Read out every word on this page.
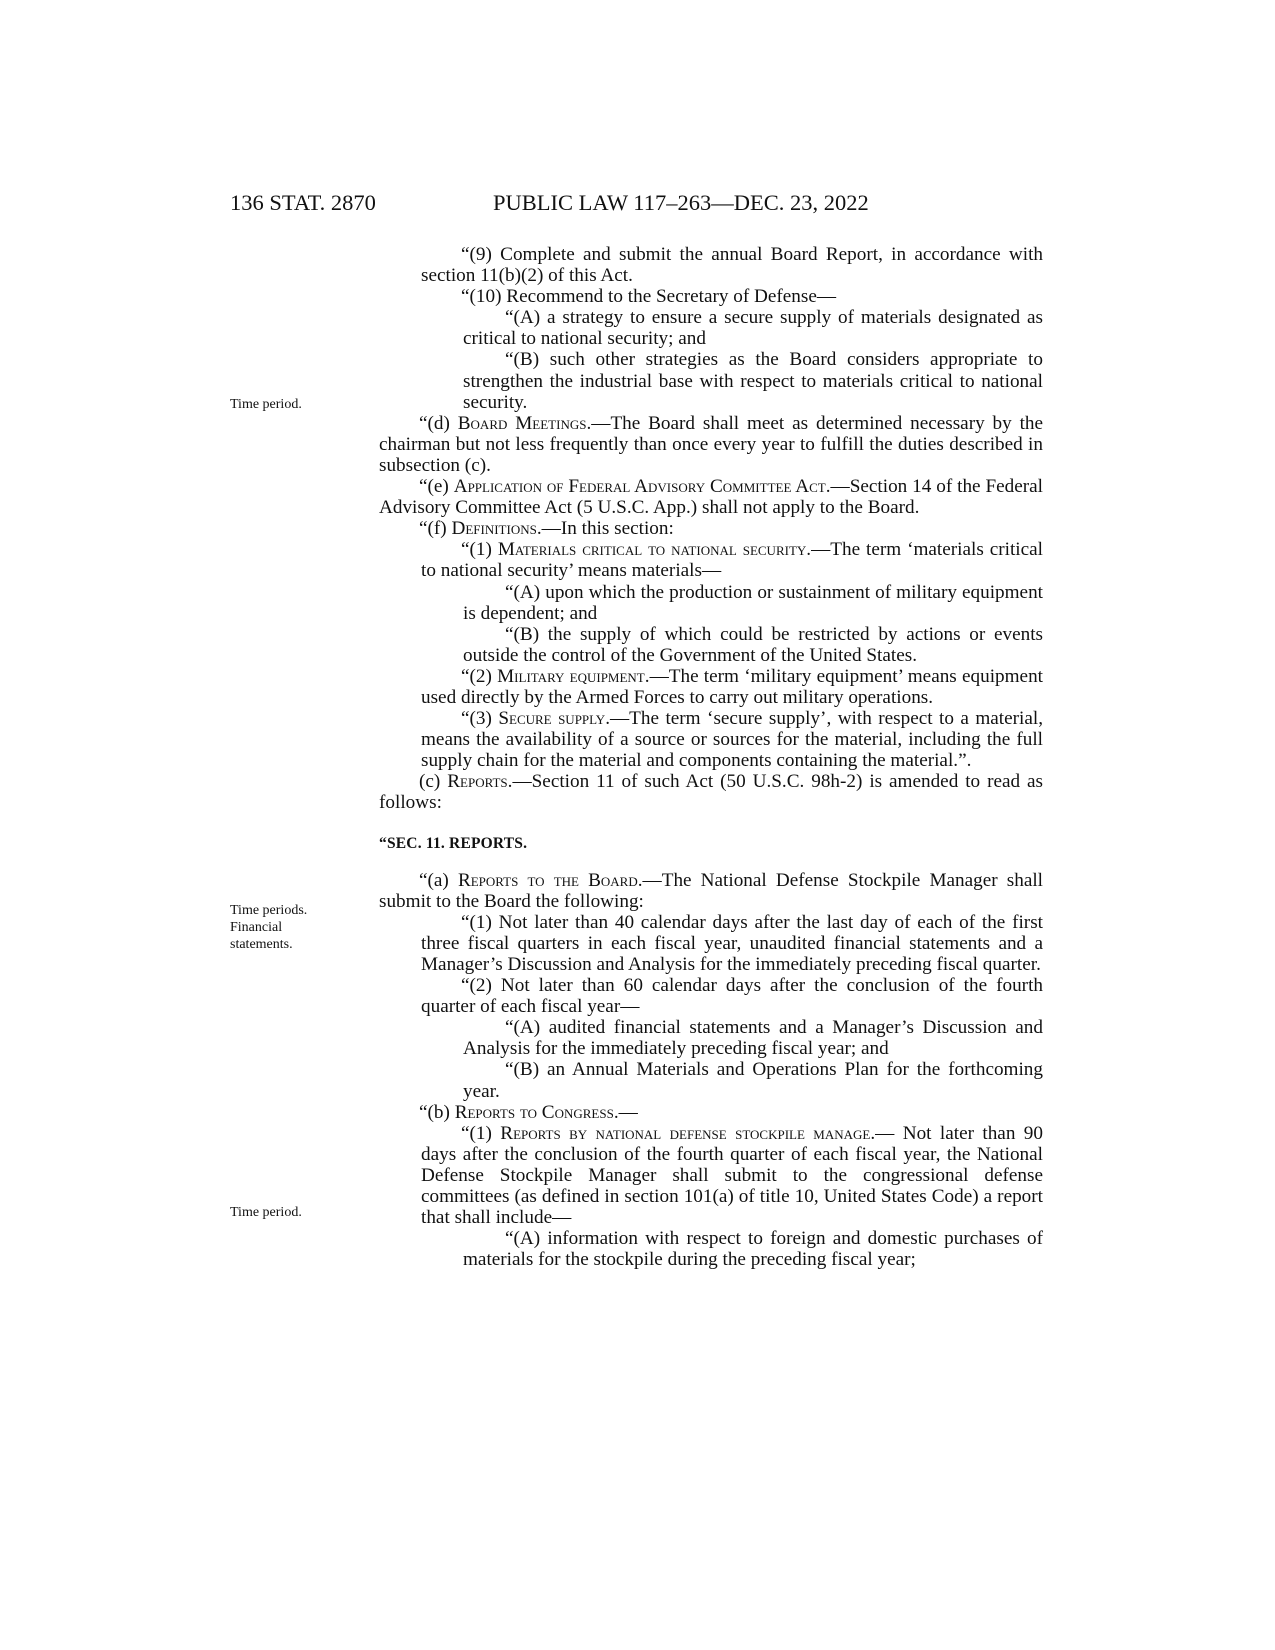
136 STAT. 2870	PUBLIC LAW 117–263—DEC. 23, 2022
Time period.
Time periods.
Financial
statements.
Time period.

“(9) Complete and submit the annual Board Report, in accordance with section 11(b)(2) of this Act.

“(10) Recommend to the Secretary of Defense—

“(A) a strategy to ensure a secure supply of materials designated as critical to national security; and

“(B) such other strategies as the Board considers appropriate to strengthen the industrial base with respect to materials critical to national security.

“(d) Board Meetings.—The Board shall meet as determined necessary by the chairman but not less frequently than once every year to fulfill the duties described in subsection (c).

“(e) Application of Federal Advisory Committee Act.—Section 14 of the Federal Advisory Committee Act (5 U.S.C. App.) shall not apply to the Board.

“(f) Definitions.—In this section:

“(1) Materials critical to national security.—The term ‘materials critical to national security’ means materials—

“(A) upon which the production or sustainment of military equipment is dependent; and

“(B) the supply of which could be restricted by actions or events outside the control of the Government of the United States.

“(2) Military equipment.—The term ‘military equipment’ means equipment used directly by the Armed Forces to carry out military operations.

“(3) Secure supply.—The term ‘secure supply’, with respect to a material, means the availability of a source or sources for the material, including the full supply chain for the material and components containing the material.”.

(c) Reports.—Section 11 of such Act (50 U.S.C. 98h-2) is amended to read as follows:

“SEC. 11. REPORTS.

“(a) Reports to the Board.—The National Defense Stockpile Manager shall submit to the Board the following:

“(1) Not later than 40 calendar days after the last day of each of the first three fiscal quarters in each fiscal year, unaudited financial statements and a Manager’s Discussion and Analysis for the immediately preceding fiscal quarter.

“(2) Not later than 60 calendar days after the conclusion of the fourth quarter of each fiscal year—

“(A) audited financial statements and a Manager’s Discussion and Analysis for the immediately preceding fiscal year; and

“(B) an Annual Materials and Operations Plan for the forthcoming year.

“(b) Reports to Congress.—

“(1) Reports by national defense stockpile manage.— Not later than 90 days after the conclusion of the fourth quarter of each fiscal year, the National Defense Stockpile Manager shall submit to the congressional defense committees (as defined in section 101(a) of title 10, United States Code) a report that shall include—

“(A) information with respect to foreign and domestic purchases of materials for the stockpile during the preceding fiscal year;
